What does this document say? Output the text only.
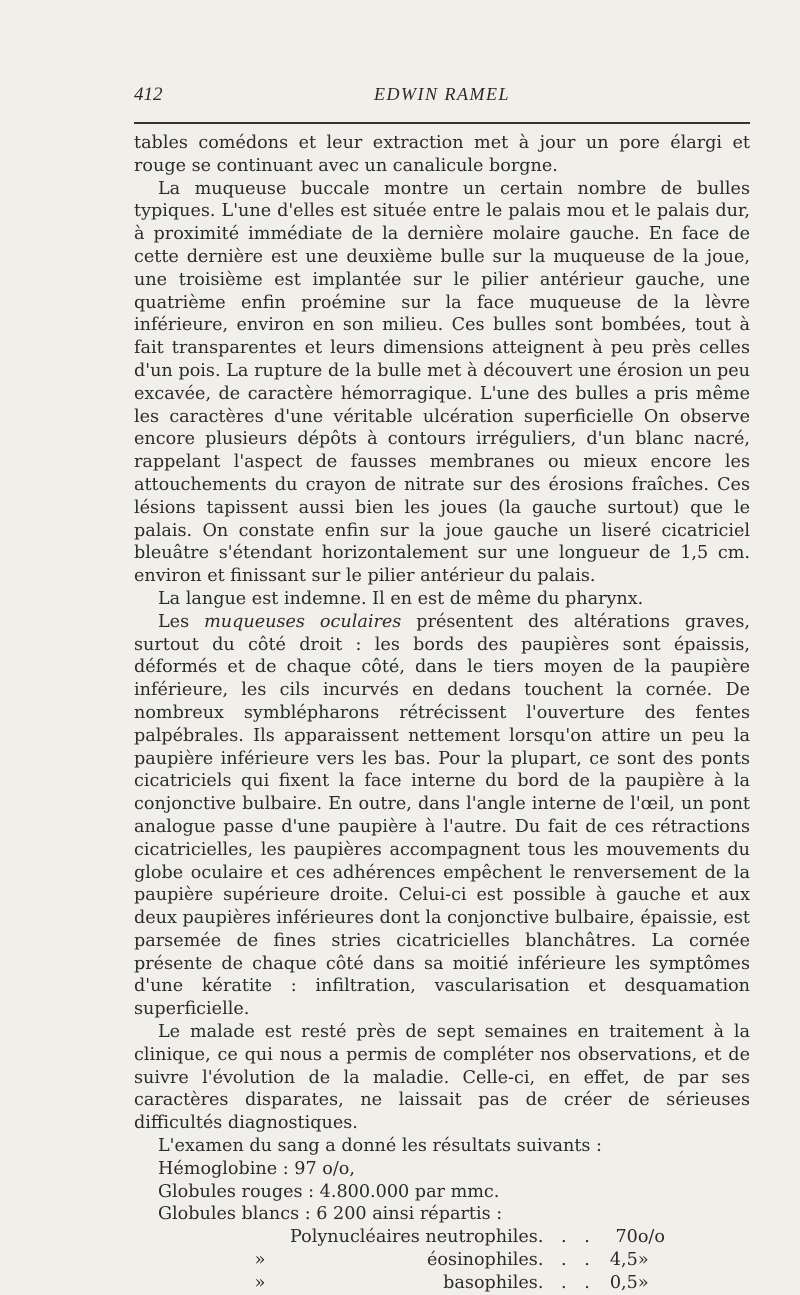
412	EDWIN RAMEL

tables comédons et leur extraction met à jour un pore élargi et rouge se continuant avec un canalicule borgne.

La muqueuse buccale montre un certain nombre de bulles typiques. L'une d'elles est située entre le palais mou et le palais dur, à proximité immédiate de la dernière molaire gauche. En face de cette dernière est une deuxième bulle sur la muqueuse de la joue, une troisième est implantée sur le pilier antérieur gauche, une quatrième enfin proémine sur la face muqueuse de la lèvre inférieure, environ en son milieu. Ces bulles sont bombées, tout à fait transparentes et leurs dimensions atteignent à peu près celles d'un pois. La rupture de la bulle met à découvert une érosion un peu excavée, de caractère hémorragique. L'une des bulles a pris même les caractères d'une véritable ulcération superficielle On observe encore plusieurs dépôts à contours irréguliers, d'un blanc nacré, rappelant l'aspect de fausses membranes ou mieux encore les attouchements du crayon de nitrate sur des érosions fraîches. Ces lésions tapissent aussi bien les joues (la gauche surtout) que le palais. On constate enfin sur la joue gauche un liseré cicatriciel bleuâtre s'étendant horizontalement sur une longueur de 1,5 cm. environ et finissant sur le pilier antérieur du palais.

La langue est indemne. Il en est de même du pharynx.

Les muqueuses oculaires présentent des altérations graves, surtout du côté droit : les bords des paupières sont épaissis, déformés et de chaque côté, dans le tiers moyen de la paupière inférieure, les cils incurvés en dedans touchent la cornée. De nombreux symblépharons rétrécissent l'ouverture des fentes palpébrales. Ils apparaissent nettement lorsqu'on attire un peu la paupière inférieure vers les bas. Pour la plupart, ce sont des ponts cicatriciels qui fixent la face interne du bord de la paupière à la conjonctive bulbaire. En outre, dans l'angle interne de l'œil, un pont analogue passe d'une paupière à l'autre. Du fait de ces rétractions cicatricielles, les paupières accompagnent tous les mouvements du globe oculaire et ces adhérences empêchent le renversement de la paupière supérieure droite. Celui-ci est possible à gauche et aux deux paupières inférieures dont la conjonctive bulbaire, épaissie, est parsemée de fines stries cicatricielles blanchâtres. La cornée présente de chaque côté dans sa moitié inférieure les symptômes d'une kératite : infiltration, vascularisation et desquamation superficielle.

Le malade est resté près de sept semaines en traitement à la clinique, ce qui nous a permis de compléter nos observations, et de suivre l'évolution de la maladie. Celle-ci, en effet, de par ses caractères disparates, ne laissait pas de créer de sérieuses difficultés diagnostiques.

L'examen du sang a donné les résultats suivants :

Hémoglobine : 97 o/o,

Globules rouges : 4.800.000 par mmc.

Globules blancs : 6 200 ainsi répartis :

	Polynucléaires neutrophiles	. . .	70	o/o
»	éosinophiles	. . .	4,5	»
»	basophiles	. . .	0,5	»
